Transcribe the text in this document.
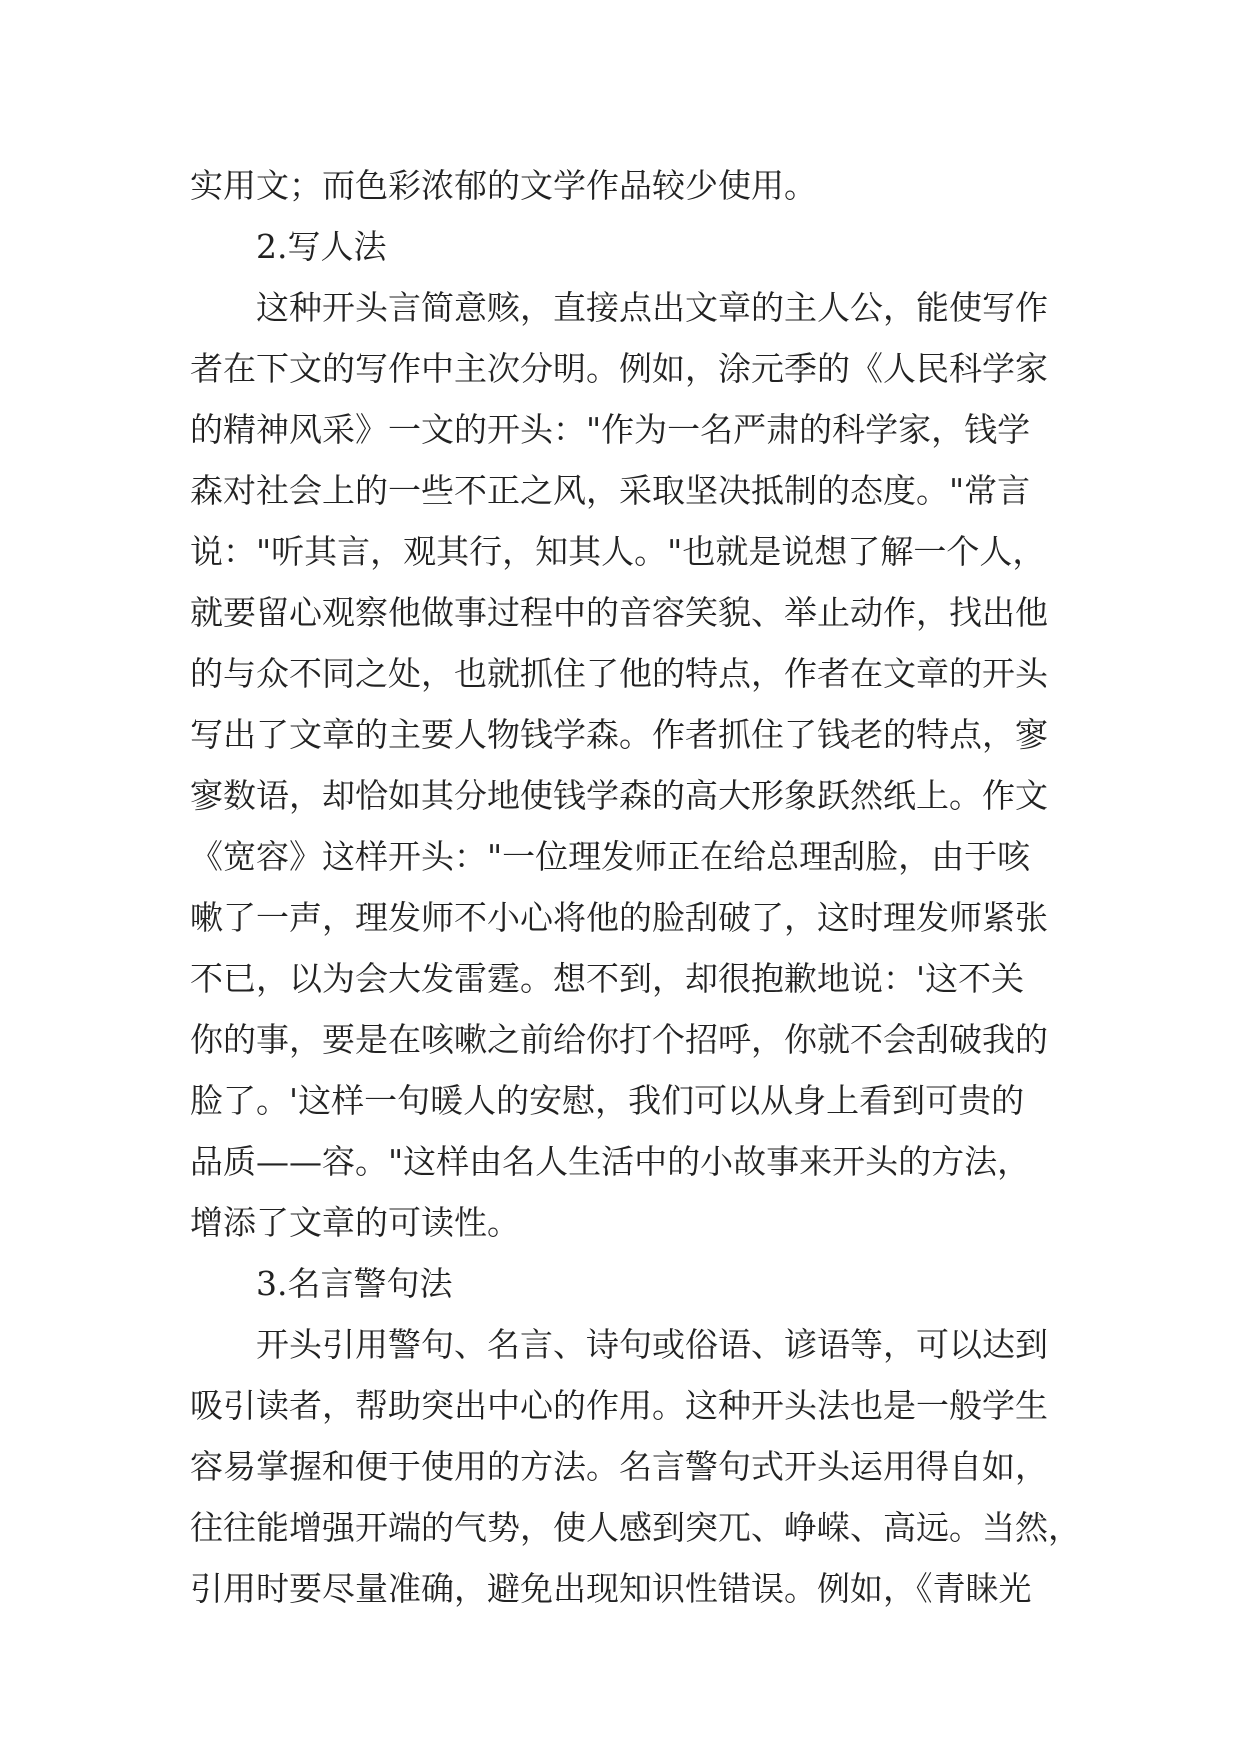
实用文；而色彩浓郁的文学作品较少使用。
2.写人法
这种开头言简意赅，直接点出文章的主人公，能使写作
者在下文的写作中主次分明。例如，涂元季的《人民科学家
的精神风采》一文的开头："作为一名严肃的科学家，钱学
森对社会上的一些不正之风，采取坚决抵制的态度。"常言
说："听其言，观其行，知其人。"也就是说想了解一个人，
就要留心观察他做事过程中的音容笑貌、举止动作，找出他
的与众不同之处，也就抓住了他的特点，作者在文章的开头
写出了文章的主要人物钱学森。作者抓住了钱老的特点，寥
寥数语，却恰如其分地使钱学森的高大形象跃然纸上。作文
《宽容》这样开头："一位理发师正在给总理刮脸，由于咳
嗽了一声，理发师不小心将他的脸刮破了，这时理发师紧张
不已，以为会大发雷霆。想不到，却很抱歉地说：'这不关
你的事，要是在咳嗽之前给你打个招呼，你就不会刮破我的
脸了。'这样一句暖人的安慰，我们可以从身上看到可贵的
品质——容。"这样由名人生活中的小故事来开头的方法，
增添了文章的可读性。
3.名言警句法
开头引用警句、名言、诗句或俗语、谚语等，可以达到
吸引读者，帮助突出中心的作用。这种开头法也是一般学生
容易掌握和便于使用的方法。名言警句式开头运用得自如，
往往能增强开端的气势，使人感到突兀、峥嵘、高远。当然，
引用时要尽量准确，避免出现知识性错误。例如，《青睐光
